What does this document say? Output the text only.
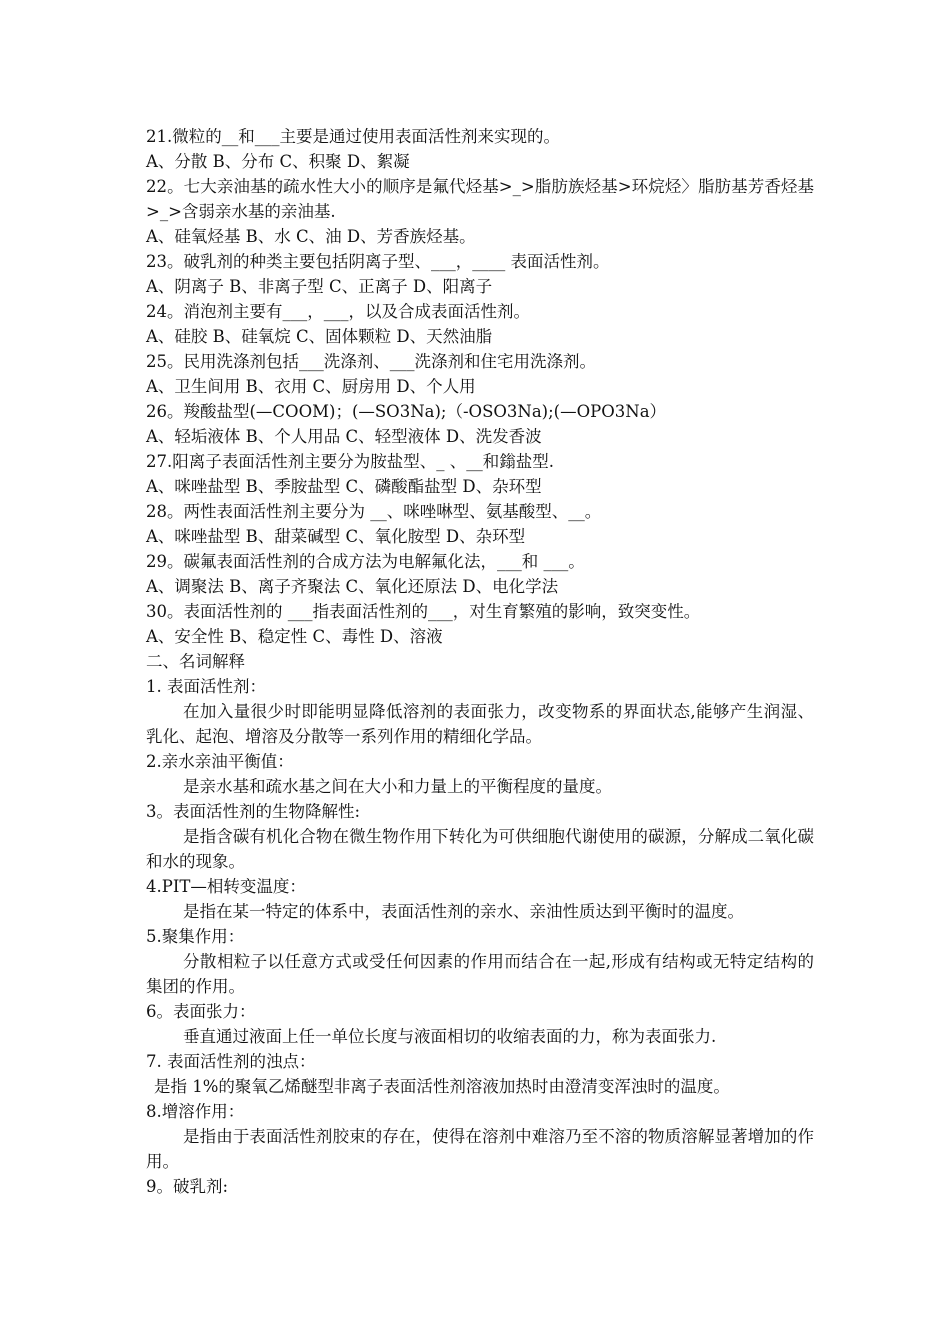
21.微粒的__和___主要是通过使用表面活性剂来实现的。

A、分散 B、分布 C、积聚 D、絮凝

22。七大亲油基的疏水性大小的顺序是氟代烃基>_>脂肪族烃基>环烷烃〉脂肪基芳香烃基>_>含弱亲水基的亲油基.

A、硅氧烃基 B、水 C、油 D、芳香族烃基。

23。破乳剂的种类主要包括阴离子型、___，____ 表面活性剂。

A、阴离子 B、非离子型 C、正离子 D、阳离子

24。消泡剂主要有___，___，以及合成表面活性剂。

A、硅胶 B、硅氧烷 C、固体颗粒 D、天然油脂

25。民用洗涤剂包括___洗涤剂、___洗涤剂和住宅用洗涤剂。

A、卫生间用 B、衣用 C、厨房用 D、个人用

26。羧酸盐型(—COOM)；(—SO3Na);（-OSO3Na);(—OPO3Na）

A、轻垢液体 B、个人用品 C、轻型液体 D、洗发香波

27.阳离子表面活性剂主要分为胺盐型、_ 、__和鎓盐型.

A、咪唑盐型 B、季胺盐型 C、磷酸酯盐型 D、杂环型

28。两性表面活性剂主要分为 __、咪唑啉型、氨基酸型、__。

A、咪唑盐型 B、甜菜碱型 C、氧化胺型 D、杂环型

29。碳氟表面活性剂的合成方法为电解氟化法，___和 ___。

A、调聚法 B、离子齐聚法 C、氧化还原法 D、电化学法

30。表面活性剂的 ___指表面活性剂的___，对生育繁殖的影响，致突变性。

A、安全性 B、稳定性 C、毒性 D、溶液

二、名词解释

1. 表面活性剂：

在加入量很少时即能明显降低溶剂的表面张力，改变物系的界面状态,能够产生润湿、乳化、起泡、增溶及分散等一系列作用的精细化学品。

2.亲水亲油平衡值：

是亲水基和疏水基之间在大小和力量上的平衡程度的量度。

3。表面活性剂的生物降解性:

是指含碳有机化合物在微生物作用下转化为可供细胞代谢使用的碳源，分解成二氧化碳和水的现象。

4.PIT—相转变温度：

是指在某一特定的体系中，表面活性剂的亲水、亲油性质达到平衡时的温度。

5.聚集作用：

分散相粒子以任意方式或受任何因素的作用而结合在一起,形成有结构或无特定结构的集团的作用。

6。表面张力：

垂直通过液面上任一单位长度与液面相切的收缩表面的力，称为表面张力.

7. 表面活性剂的浊点：

是指 1%的聚氧乙烯醚型非离子表面活性剂溶液加热时由澄清变浑浊时的温度。

8.增溶作用：

是指由于表面活性剂胶束的存在，使得在溶剂中难溶乃至不溶的物质溶解显著增加的作用。

9。破乳剂:
